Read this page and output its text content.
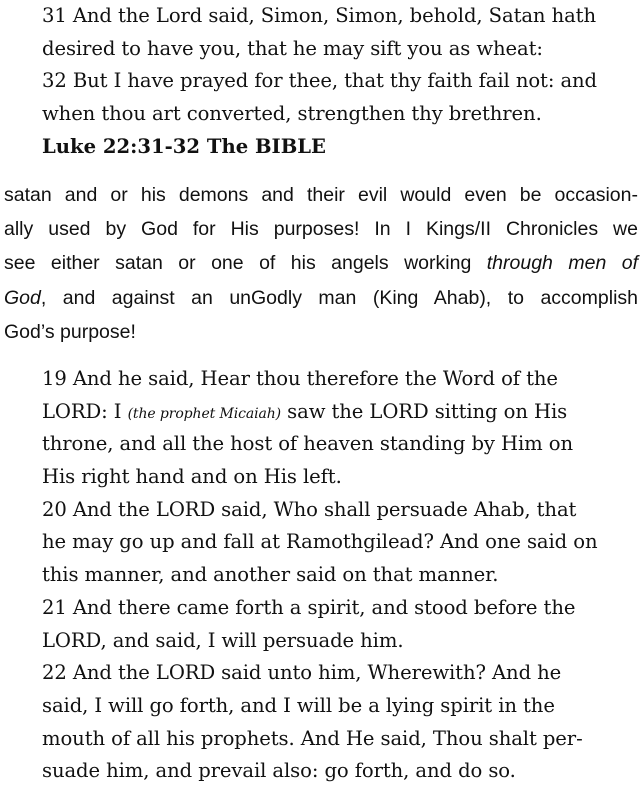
31 And the Lord said, Simon, Simon, behold, Satan hath
desired to have you, that he may sift you as wheat:
32 But I have prayed for thee, that thy faith fail not: and
when thou art converted, strengthen thy brethren.
Luke 22:31-32 The BIBLE
satan and or his demons and their evil would even be occasion-
ally used by God for His purposes! In I Kings/II Chronicles we
see either satan or one of his angels working through men of
God, and against an unGodly man (King Ahab), to accomplish
God’s purpose!
19 And he said, Hear thou therefore the Word of the
LORD: I (the prophet Micaiah) saw the LORD sitting on His
throne, and all the host of heaven standing by Him on
His right hand and on His left.
20 And the LORD said, Who shall persuade Ahab, that
he may go up and fall at Ramothgilead? And one said on
this manner, and another said on that manner.
21 And there came forth a spirit, and stood before the
LORD, and said, I will persuade him.
22 And the LORD said unto him, Wherewith? And he
said, I will go forth, and I will be a lying spirit in the
mouth of all his prophets. And He said, Thou shalt per-
suade him, and prevail also: go forth, and do so.
